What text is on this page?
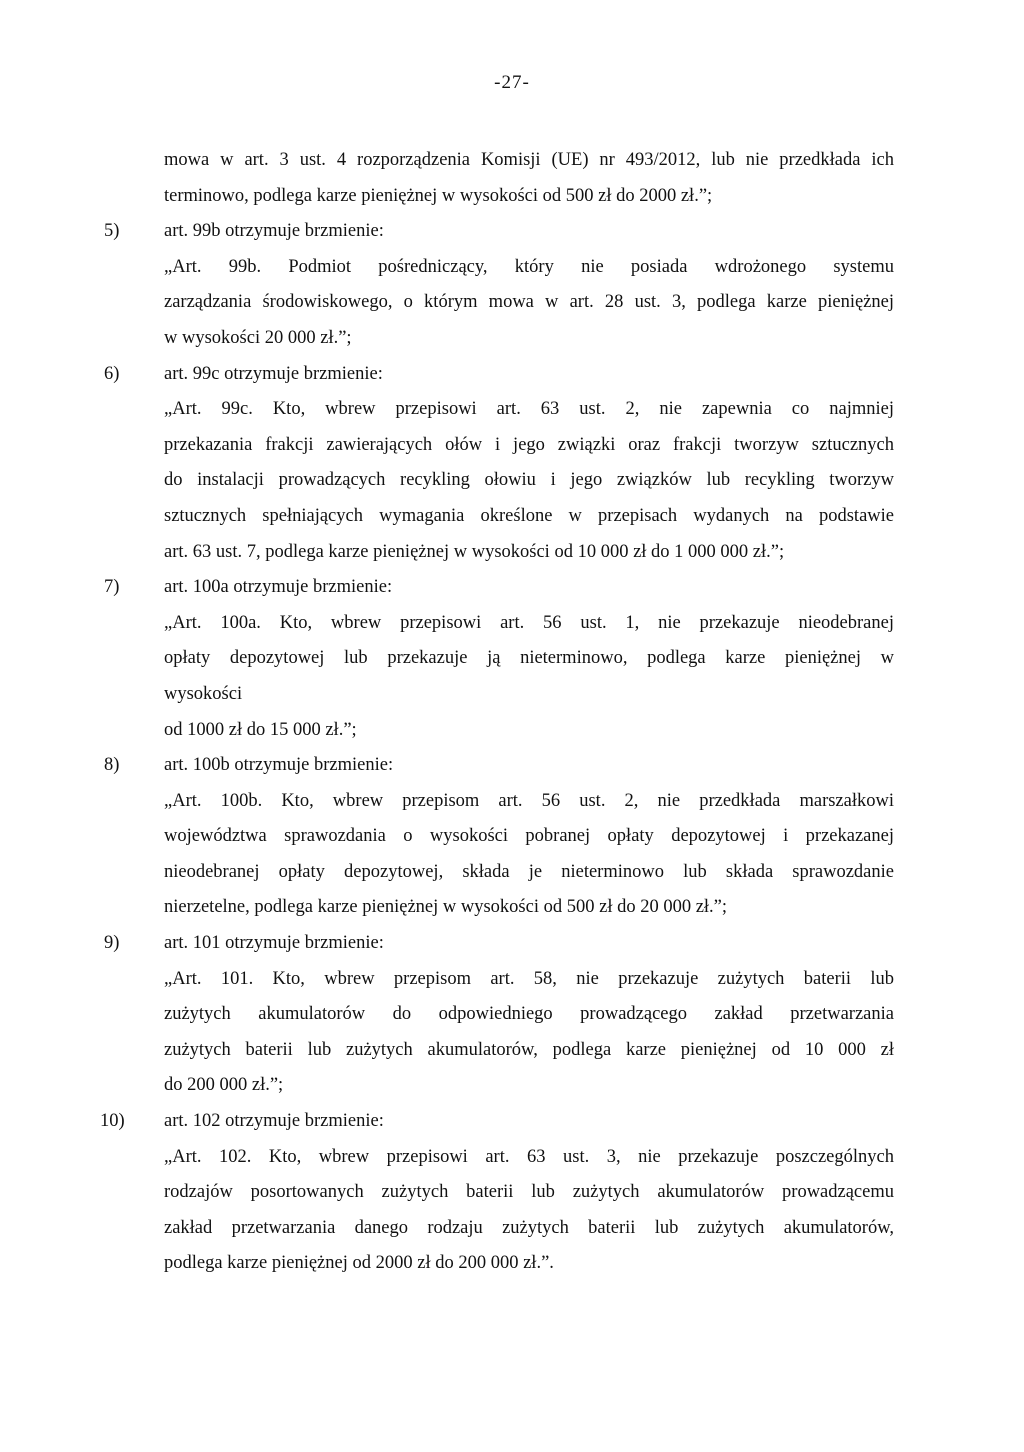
-27-
mowa w art. 3 ust. 4 rozporządzenia Komisji (UE) nr 493/2012, lub nie przedkłada ich
terminowo, podlega karze pieniężnej w wysokości od 500 zł do 2000 zł.”;
5)	art. 99b otrzymuje brzmienie:
„Art. 99b. Podmiot pośredniczący, który nie posiada wdrożonego systemu
zarządzania środowiskowego, o którym mowa w art. 28 ust. 3, podlega karze pieniężnej
w wysokości 20 000 zł.”;
6)	art. 99c otrzymuje brzmienie:
„Art. 99c. Kto, wbrew przepisowi art. 63 ust. 2, nie zapewnia co najmniej
przekazania frakcji zawierających ołów i jego związki oraz frakcji tworzyw sztucznych
do instalacji prowadzących recykling ołowiu i jego związków lub recykling tworzyw
sztucznych spełniających wymagania określone w przepisach wydanych na podstawie
art. 63 ust. 7, podlega karze pieniężnej w wysokości od 10 000 zł do 1 000 000 zł.”;
7)	art. 100a otrzymuje brzmienie:
„Art. 100a. Kto, wbrew przepisowi art. 56 ust. 1, nie przekazuje nieodebranej
opłaty depozytowej lub przekazuje ją nieterminowo, podlega karze pieniężnej w
wysokości
od 1000 zł do 15 000 zł.”;
8)	art. 100b otrzymuje brzmienie:
„Art. 100b. Kto, wbrew przepisom art. 56 ust. 2, nie przedkłada marszałkowi
województwa sprawozdania o wysokości pobranej opłaty depozytowej i przekazanej
nieodebranej opłaty depozytowej, składa je nieterminowo lub składa sprawozdanie
nierzetelne, podlega karze pieniężnej w wysokości od 500 zł do 20 000 zł.”;
9)	art. 101 otrzymuje brzmienie:
„Art. 101. Kto, wbrew przepisom art. 58, nie przekazuje zużytych baterii lub
zużytych akumulatorów do odpowiedniego prowadzącego zakład przetwarzania
zużytych baterii lub zużytych akumulatorów, podlega karze pieniężnej od 10 000 zł
do 200 000 zł.”;
10)	art. 102 otrzymuje brzmienie:
„Art. 102. Kto, wbrew przepisowi art. 63 ust. 3, nie przekazuje poszczególnych
rodzajów posortowanych zużytych baterii lub zużytych akumulatorów prowadzącemu
zakład przetwarzania danego rodzaju zużytych baterii lub zużytych akumulatorów,
podlega karze pieniężnej od 2000 zł do 200 000 zł.”.
